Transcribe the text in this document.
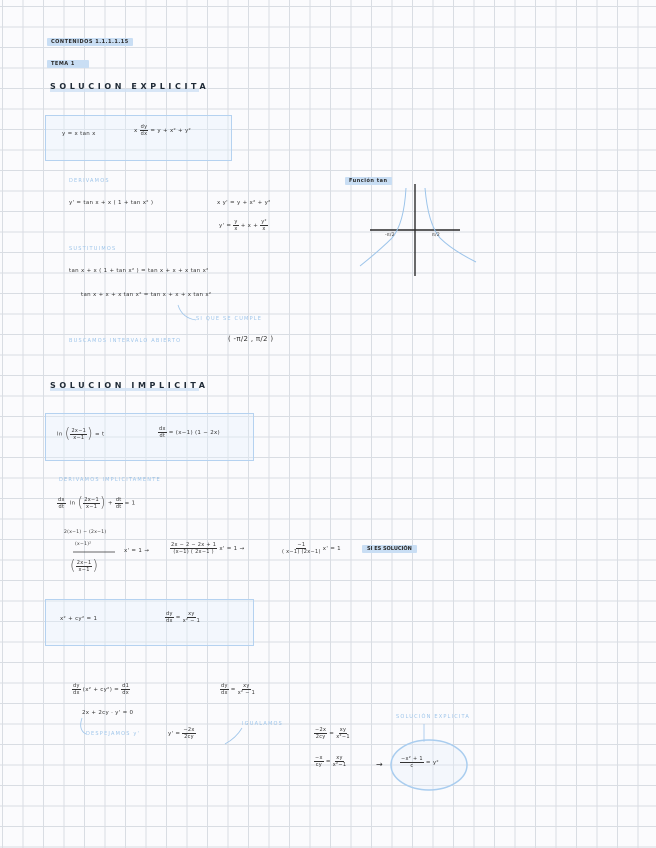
CONTENIDOS 1.1.1.1.15
TEMA 1
SOLUCION EXPLICITA
y = x tan x	x $\frac{dy}{dx} = y + x^2 + y^2$
DERIVAMOS
y' = tan x + x ( 1 + tan x² )	x y' = y + x² + y²
$y' = \frac{y}{x} + x + \frac{\text{y²}}{x}$
Función tan
-π/2	π/2
SUSTITUIMOS
tan x + x ( 1 + tan x² ) = tan x + x + x tan x²
tan x + x + x tan x² = tan x + x + x tan x²
SI QUE SE CUMPLE
BUSCAMOS INTERVALO ABIERTO	( -π/2 , π/2 )
SOLUCION IMPLICITA
ln ( $\frac{2x-1}{x-1}$ ) = t	$\frac{dx}{dt} = (x-1) (1 - 2x)$
DERIVAMOS IMPLICITAMENTE
$\frac{dx}{dt}$ ln ( $\frac{2x-1}{x-1}$ ) + $\frac{dt}{dt} = 1$
2(x−1) − (2x−1)
(x−1)²
( $\frac{2x-1}{x-1}$ )
x' = 1 →	$\frac{2x - 2 - 2x + 1}{(x-1) ( 2x-1 )} x' = 1$ →	$\frac{-1}{( x-1) (2x-1)} x' = 1$	SI ES SOLUCIÓN
x² + cy² = 1	$\frac{dy}{dx} = \frac{xy}{\text{x² − 1}}$
$\frac{dy}{dx} (x^2 + cy^2) = \frac{d1}{dx}$	$\frac{dy}{dx} = \frac{xy}{\text{x² − 1}}$
2x + 2cy · y' = 0
DESPEJAMOS y'	$y' = \frac{-2x}{2cy}$
IGUALAMOS
$\frac{-2x}{2cy} = \frac{xy}{\text{x²−1}}$
$\frac{-x}{cy} = \frac{xy}{\text{x²−1}}$	→	$\frac{\text{−x² + 1}}{c} = y^2$
SOLUCIÓN EXPLICITA
